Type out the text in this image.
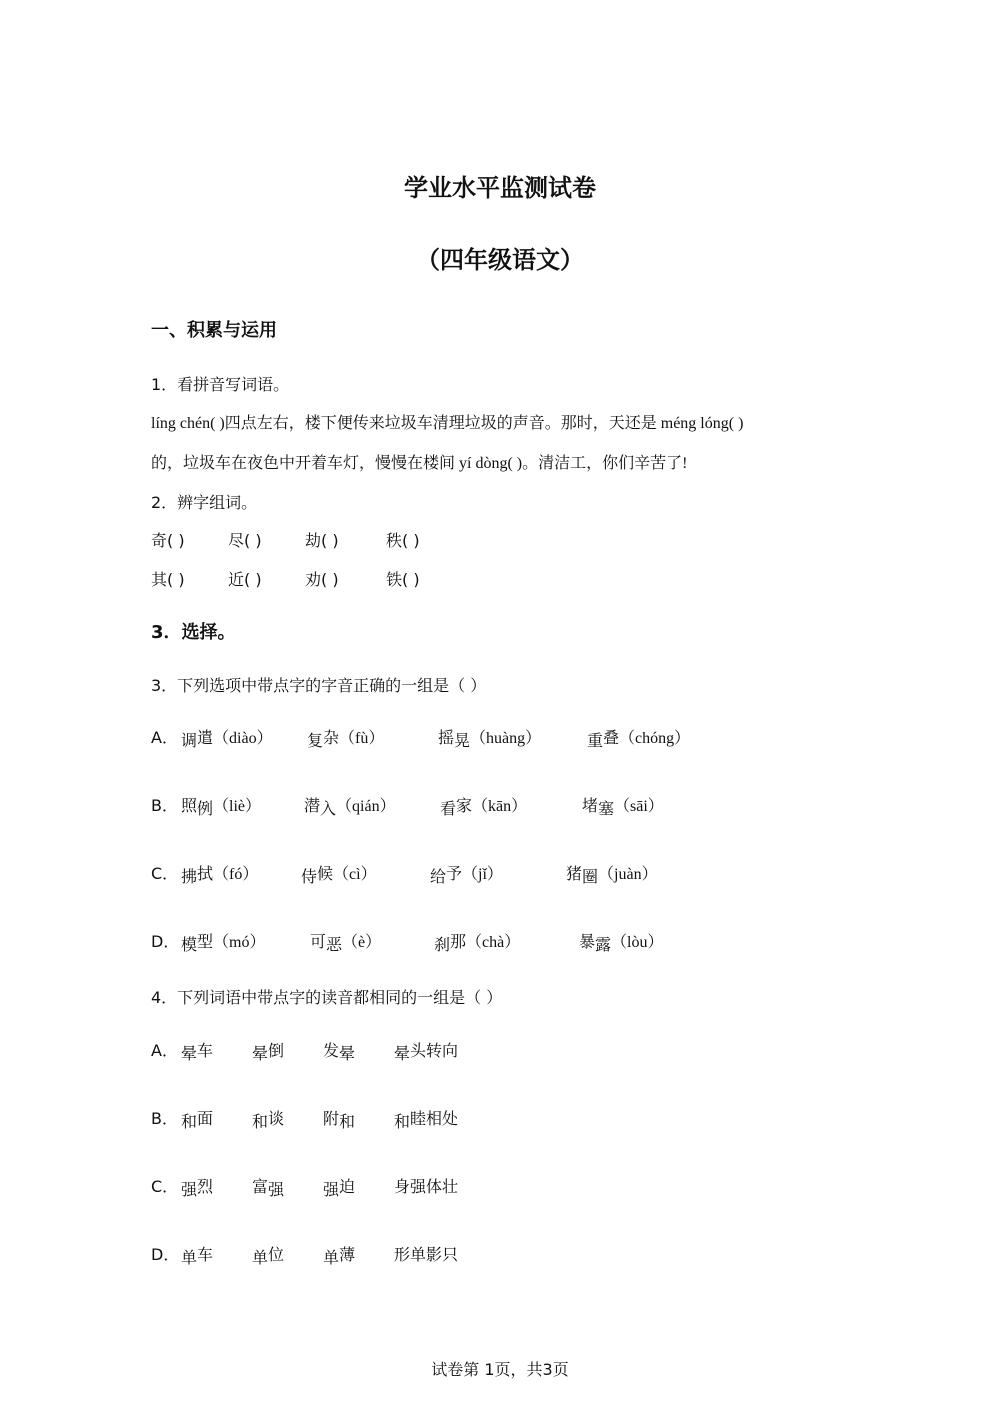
学业水平监测试卷
（四年级语文）
一、积累与运用
1．看拼音写词语。
líng chén( )四点左右，楼下便传来垃圾车清理垃圾的声音。那时，天还是 méng lóng( )
的，垃圾车在夜色中开着车灯，慢慢在楼间 yí dòng( )。清洁工，你们辛苦了!
2．辨字组词。
奇( )	尽( )	劫( )	秩( )
其( )	近( )	劝( )	铁( )
3．选择。
3．下列选项中带点字的字音正确的一组是（ ）
A． 调遣（diào） 复杂（fù）	摇晃（huàng）	重叠（chóng）
B． 照例（liè）	潜入（qián）	看家（kān）	堵塞（sāi）
C． 拂拭（fó）	侍候（cì）	给予（jǐ）	猪圈（juàn）
D． 模型（mó）	可恶（è）	刹那（chà）	暴露（lòu）
4．下列词语中带点字的读音都相同的一组是（ ）
A． 晕车 晕倒 发晕 晕头转向
B． 和面 和谈 附和 和睦相处
C． 强烈 富强 强迫 身强体壮
D． 单车 单位 单薄 形单影只
试卷第 1页，共3页
